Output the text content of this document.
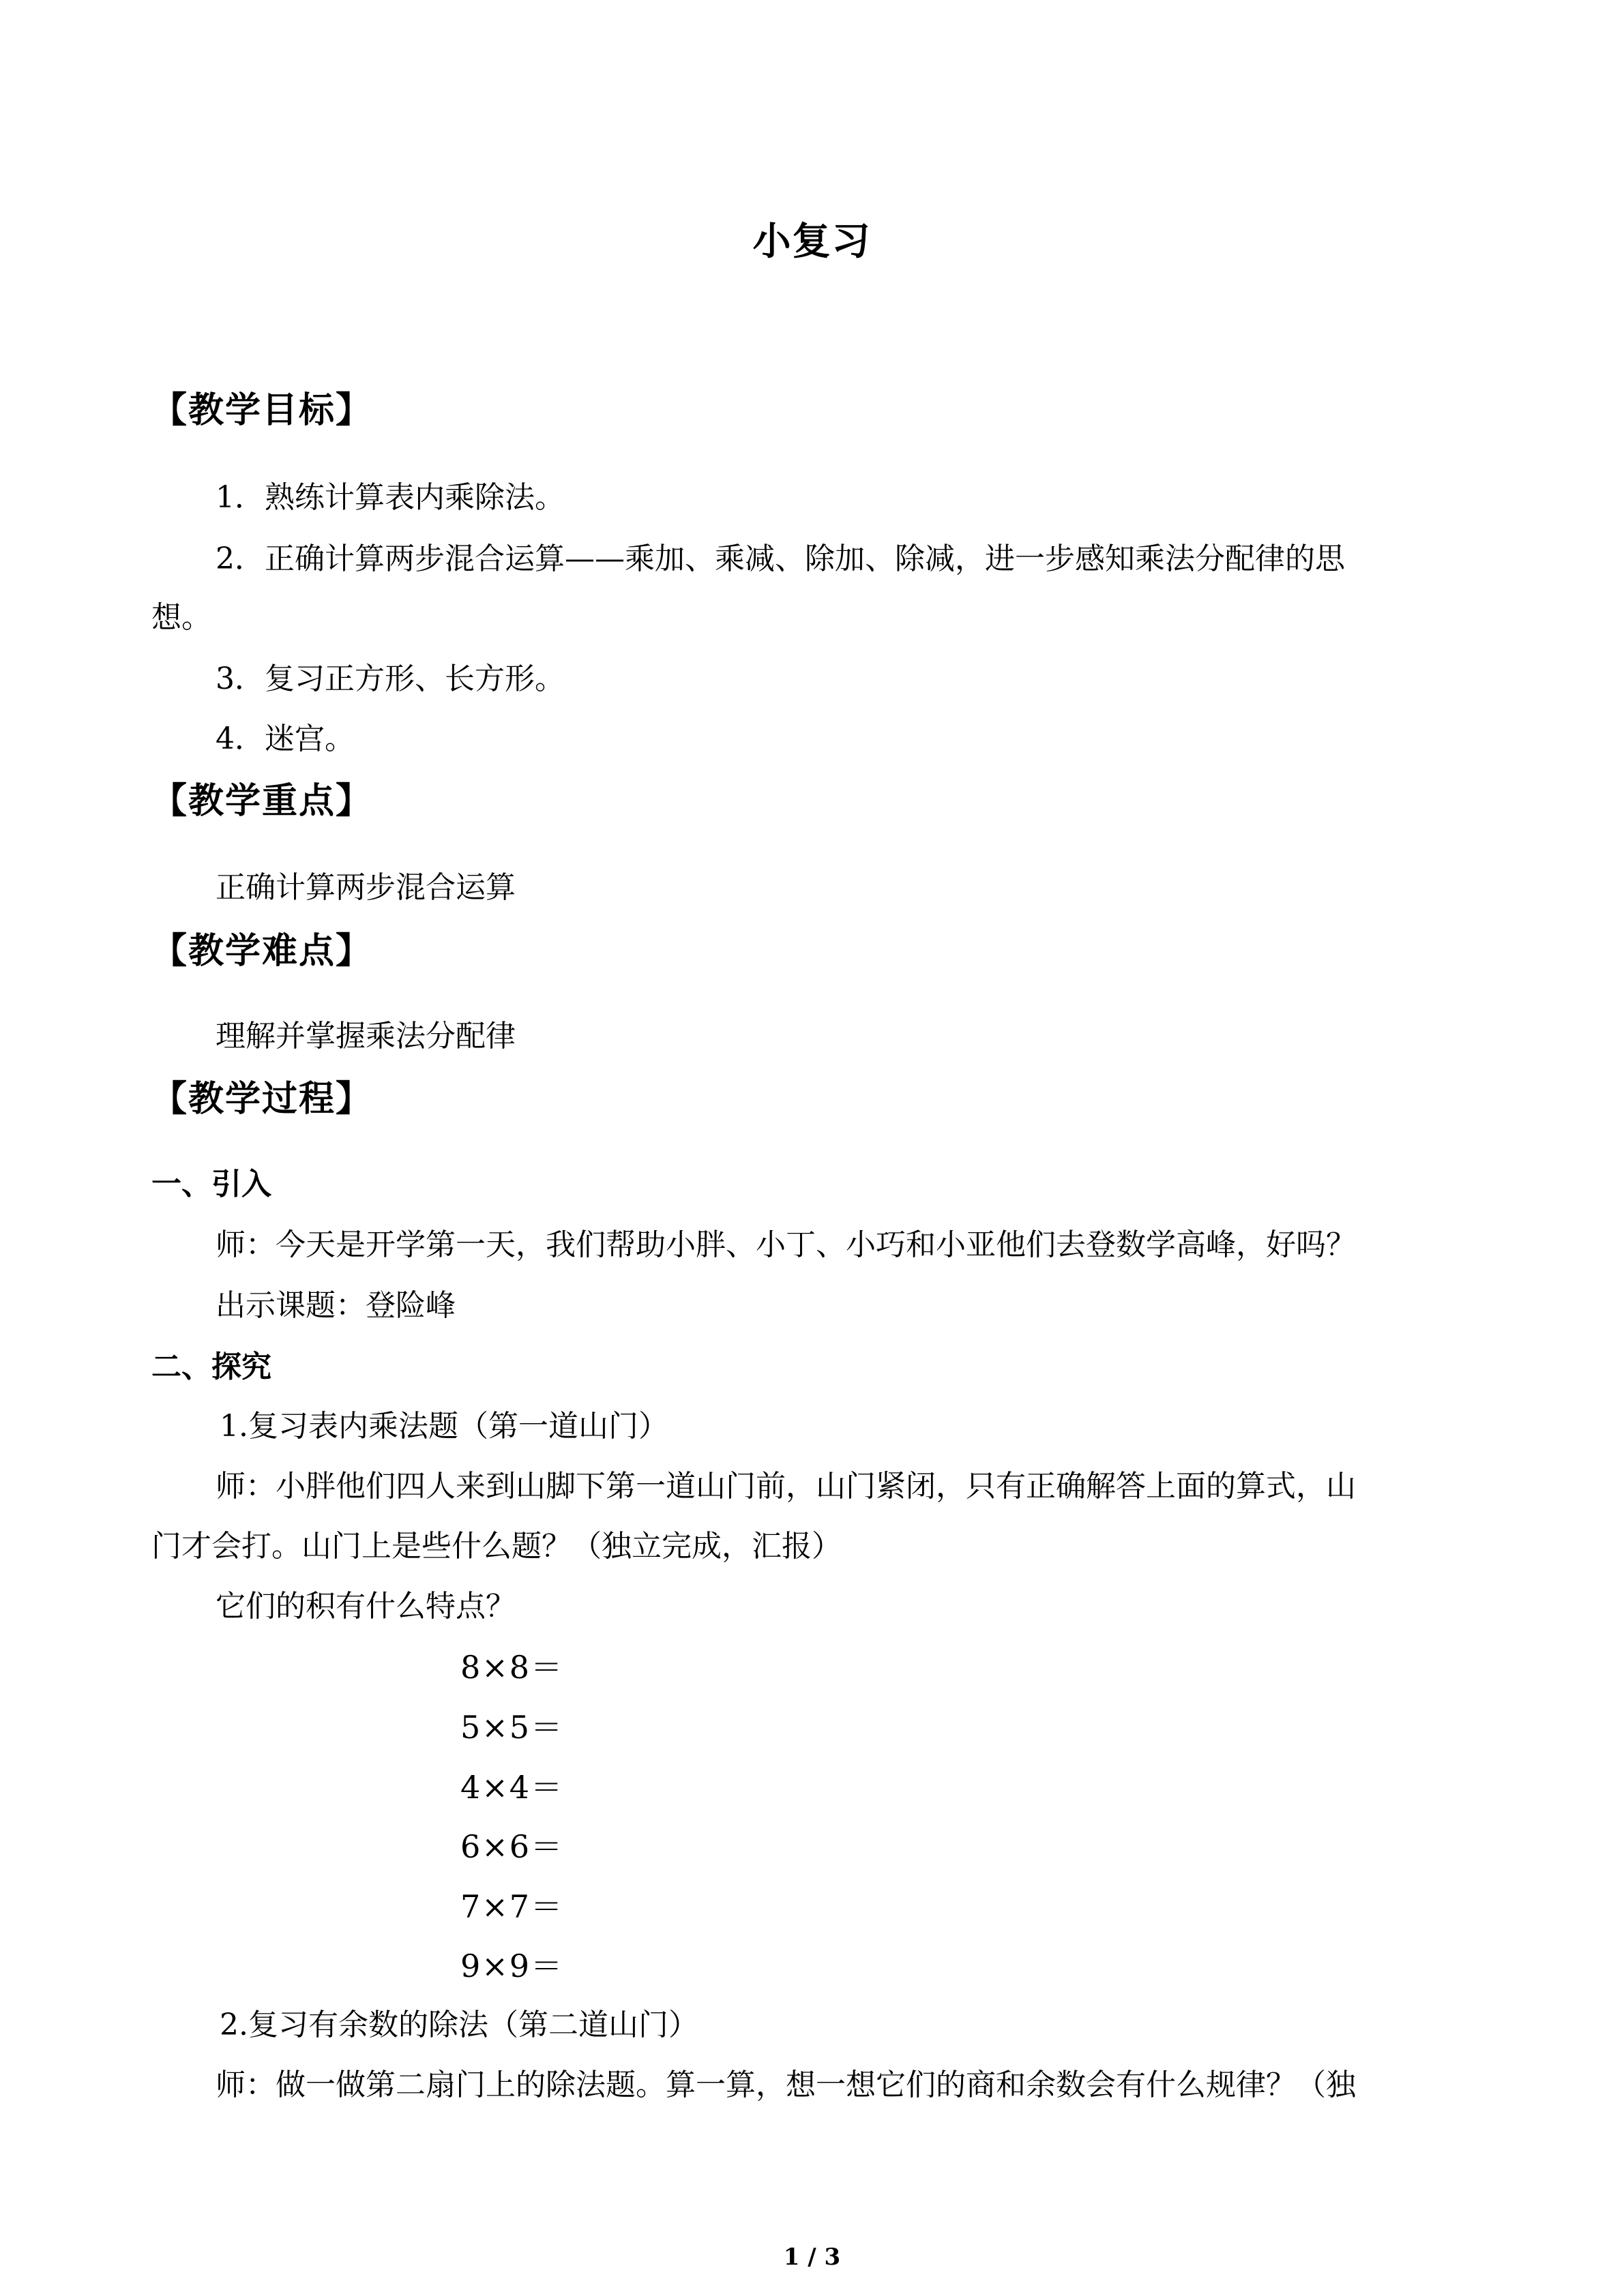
小复习
【教学目标】
1．熟练计算表内乘除法。
2．正确计算两步混合运算——乘加、乘减、除加、除减，进一步感知乘法分配律的思
想。
3．复习正方形、长方形。
4．迷宫。
【教学重点】
正确计算两步混合运算
【教学难点】
理解并掌握乘法分配律
【教学过程】
一、引入
师：今天是开学第一天，我们帮助小胖、小丁、小巧和小亚他们去登数学高峰，好吗？
出示课题：登险峰
二、探究
1.复习表内乘法题（第一道山门）
师：小胖他们四人来到山脚下第一道山门前，山门紧闭，只有正确解答上面的算式，山
门才会打。山门上是些什么题？（独立完成，汇报）
它们的积有什么特点？
8×8＝
5×5＝
4×4＝
6×6＝
7×7＝
9×9＝
2.复习有余数的除法（第二道山门）
师：做一做第二扇门上的除法题。算一算，想一想它们的商和余数会有什么规律？（独
1 / 3
